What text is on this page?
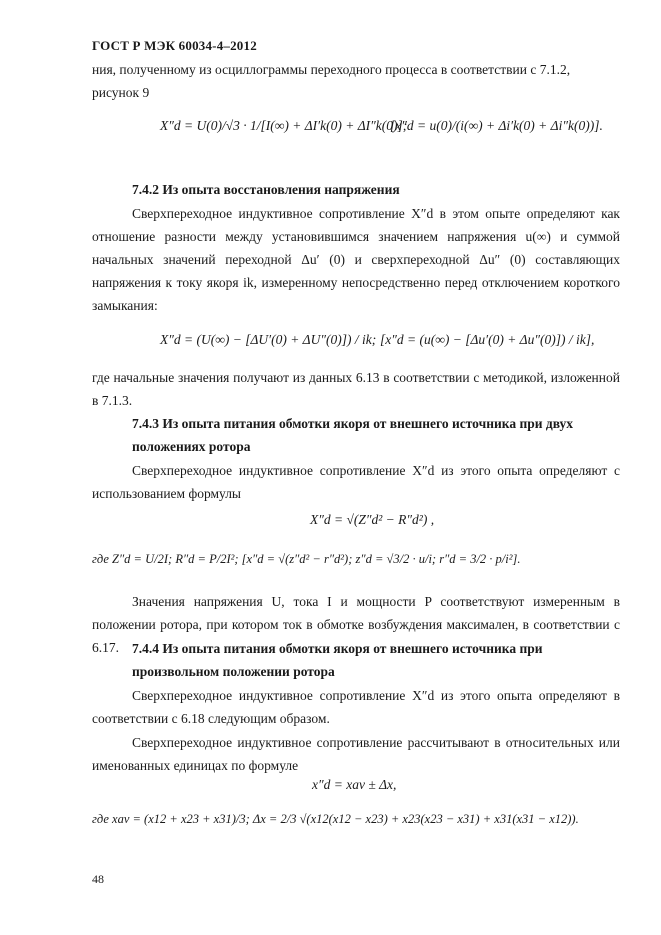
ГОСТ Р МЭК 60034-4–2012
ния, полученному из осциллограммы переходного процесса в соответствии с 7.1.2,
рисунок 9
X″d = U(0)/√3 · 1/[I(∞) + ΔI′k(0) + ΔI″k(0)];
[x″d = u(0)/(i(∞) + Δi′k(0) + Δi″k(0))].
7.4.2 Из опыта восстановления напряжения
Сверхпереходное индуктивное сопротивление X″d в этом опыте определяют как отношение разности между установившимся значением напряжения u(∞) и суммой начальных значений переходной Δu′ (0) и сверхпереходной Δu″ (0) составляющих напряжения к току якоря ik, измеренному непосредственно перед отключением короткого замыкания:
X″d = (U(∞) − [ΔU′(0) + ΔU″(0)]) / ik; [x″d = (u(∞) − [Δu′(0) + Δu″(0)]) / ik],
где начальные значения получают из данных 6.13 в соответствии с методикой, изложенной в 7.1.3.
7.4.3 Из опыта питания обмотки якоря от внешнего источника при двух положениях ротора
Сверхпереходное индуктивное сопротивление X″d из этого опыта определяют с использованием формулы
X″d = √(Z″d² − R″d²) ,
где Z″d = U/2I; R″d = P/2I²; [x″d = √(z″d² − r″d²); z″d = √3/2 · u/i; r″d = 3/2 · p/i²].
Значения напряжения U, тока I и мощности P соответствуют измеренным в положении ротора, при котором ток в обмотке возбуждения максимален, в соответствии с 6.17. 7.4.4 Из опыта питания обмотки якоря от внешнего источника при произвольном положении ротора
Сверхпереходное индуктивное сопротивление X″d из этого опыта определяют в соответствии с 6.18 следующим образом.
Сверхпереходное индуктивное сопротивление рассчитывают в относительных или именованных единицах по формуле
x″d = xav ± Δx,
где xav = (x12 + x23 + x31)/3; Δx = 2/3 √(x12(x12 − x23) + x23(x23 − x31) + x31(x31 − x12)).
48
